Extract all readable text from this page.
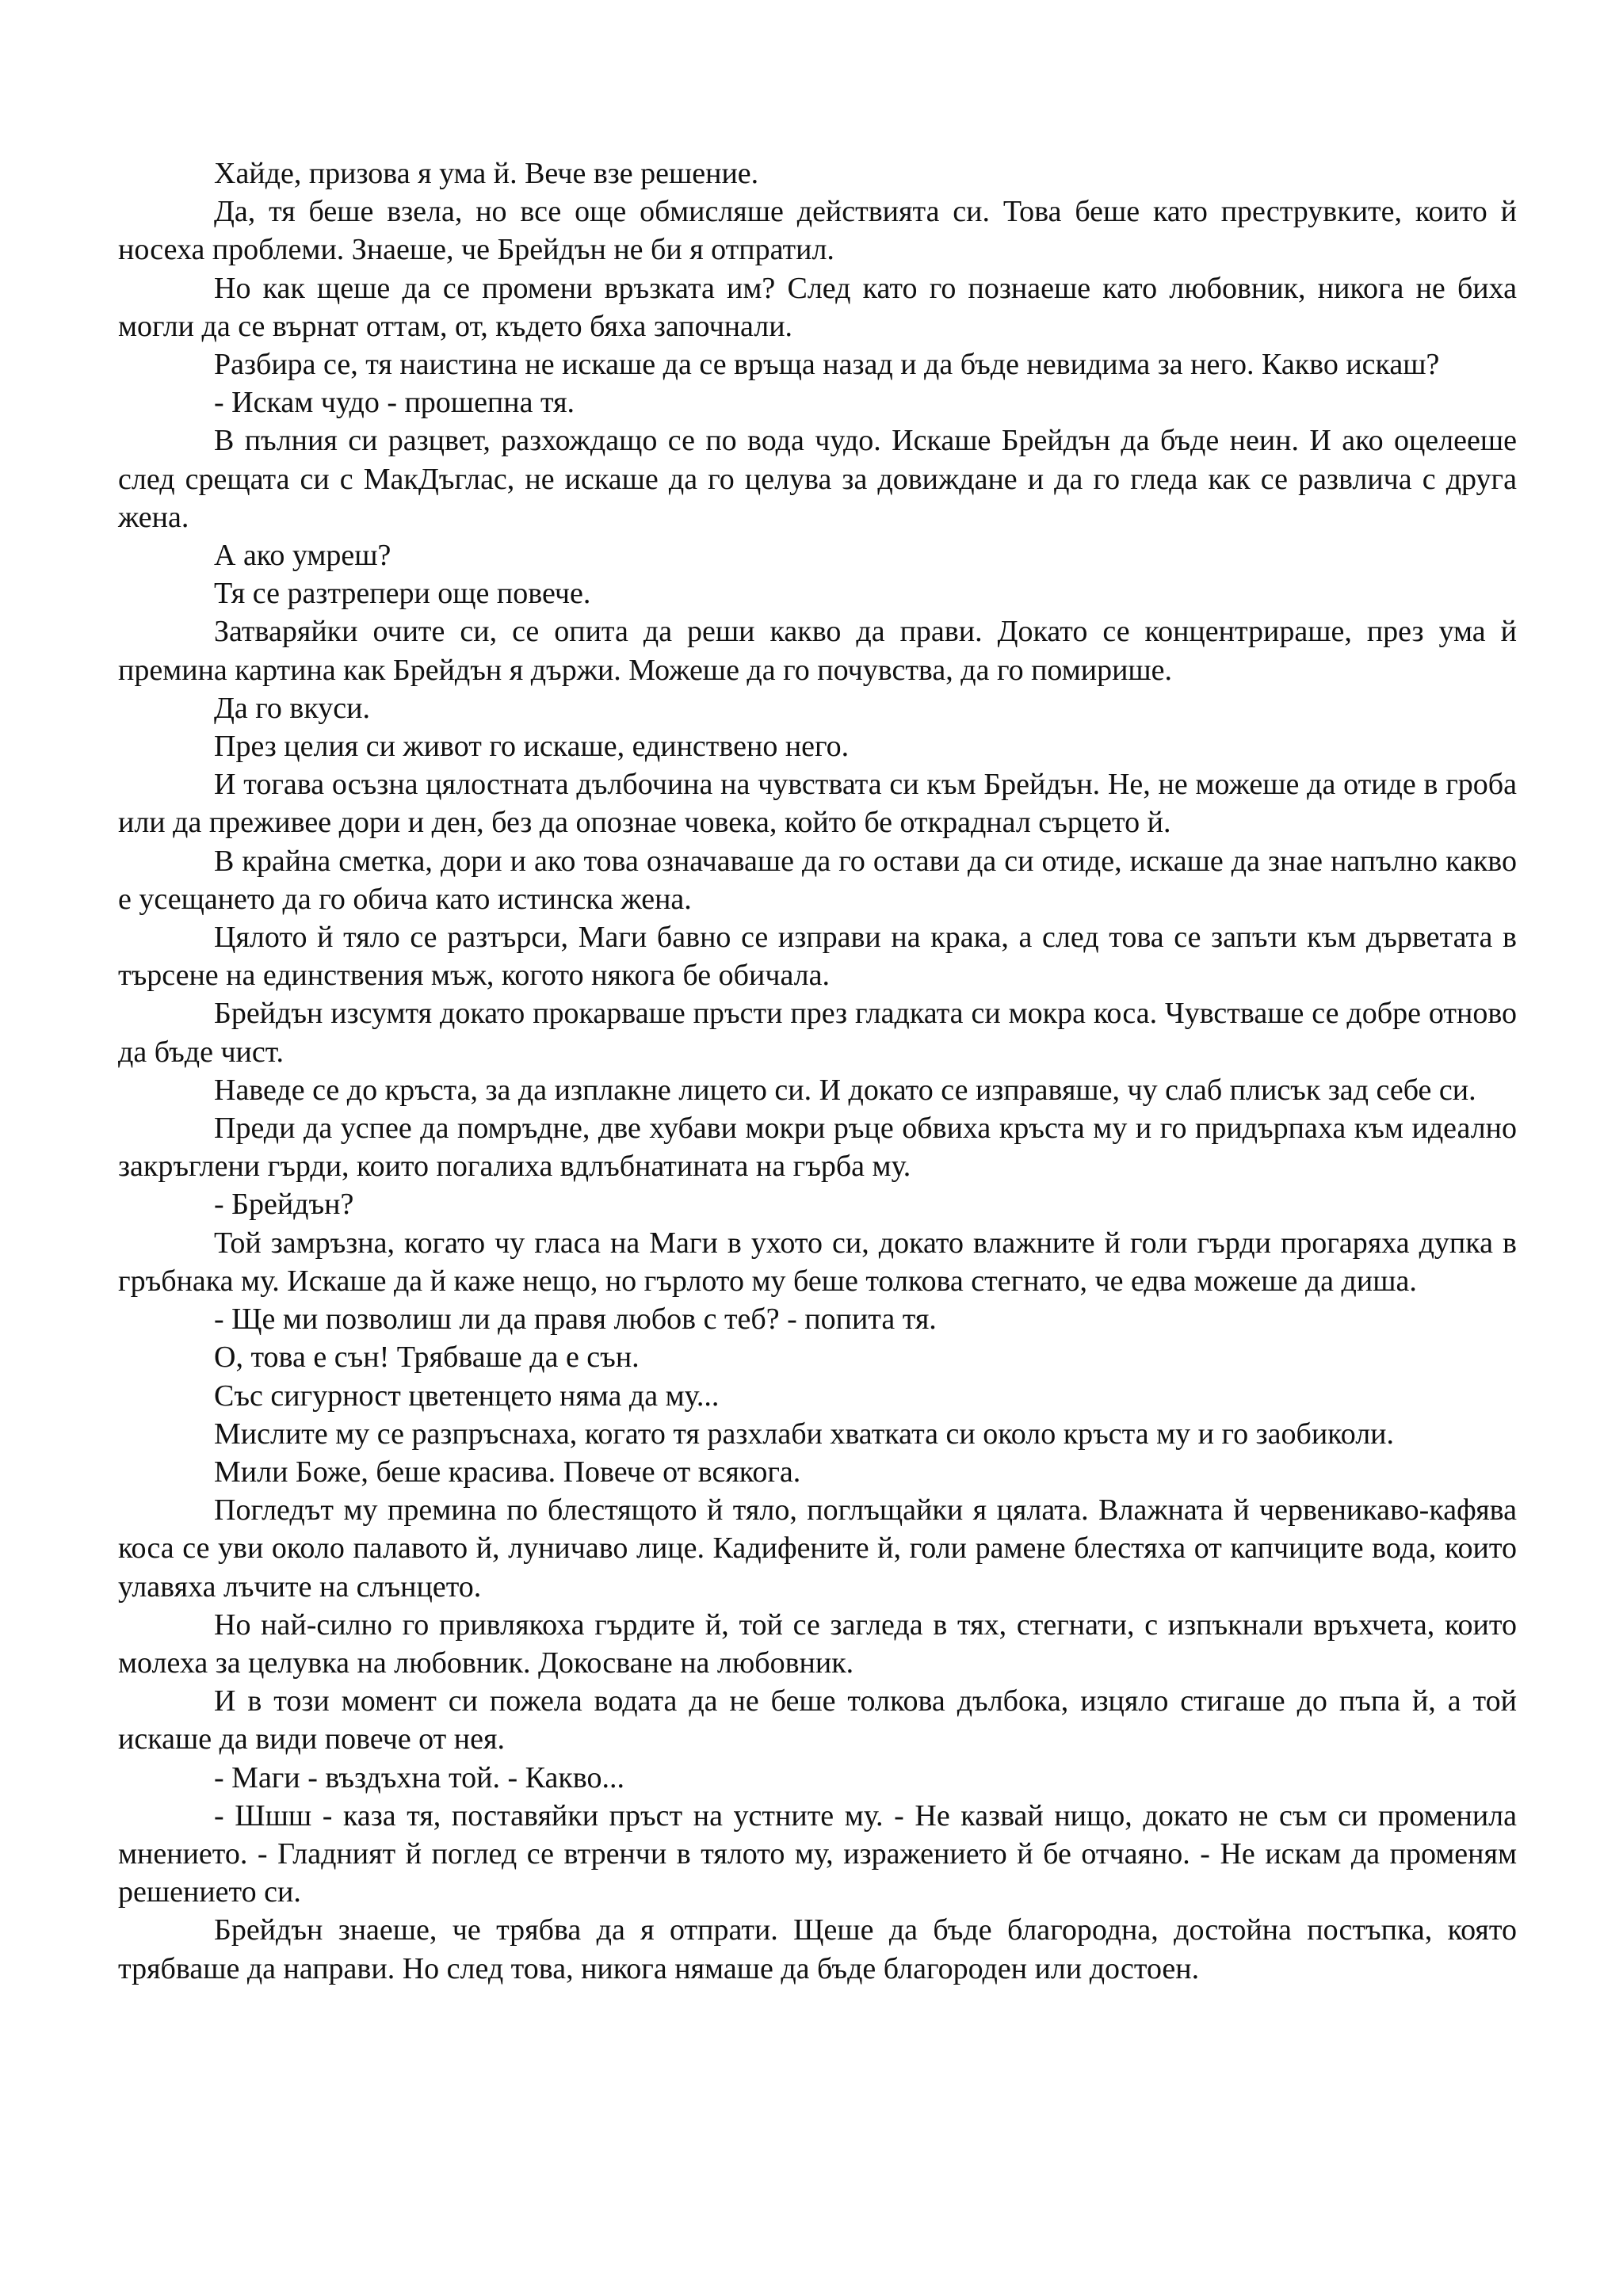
Хайде, призова я ума й. Вече взе решение.

Да, тя беше взела, но все още обмисляше действията си. Това беше като преструвките, които й носеха проблеми. Знаеше, че Брейдън не би я отпратил.

Но как щеше да се промени връзката им? След като го познаеше като любовник, никога не биха могли да се върнат оттам, от, където бяха започнали.

Разбира се, тя наистина не искаше да се връща назад и да бъде невидима за него. Какво искаш?

- Искам чудо - прошепна тя.

В пълния си разцвет, разхождащо се по вода чудо. Искаше Брейдън да бъде неин. И ако оцелееше след срещата си с МакДъглас, не искаше да го целува за довиждане и да го гледа как се развлича с друга жена.

А ако умреш?

Тя се разтрепери още повече.

Затваряйки очите си, се опита да реши какво да прави. Докато се концентрираше, през ума й премина картина как Брейдън я държи. Можеше да го почувства, да го помирише.

Да го вкуси.

През целия си живот го искаше, единствено него.

И тогава осъзна цялостната дълбочина на чувствата си към Брейдън. Не, не можеше да отиде в гроба или да преживее дори и ден, без да опознае човека, който бе откраднал сърцето й.

В крайна сметка, дори и ако това означаваше да го остави да си отиде, искаше да знае напълно какво е усещането да го обича като истинска жена.

Цялото й тяло се разтърси, Маги бавно се изправи на крака, а след това се запъти към дърветата в търсене на единствения мъж, когото някога бе обичала.

Брейдън изсумтя докато прокарваше пръсти през гладката си мокра коса. Чувстваше се добре отново да бъде чист.

Наведе се до кръста, за да изплакне лицето си. И докато се изправяше, чу слаб плисък зад себе си.

Преди да успее да помръдне, две хубави мокри ръце обвиха кръста му и го придърпаха към идеално закръглени гърди, които погалиха вдлъбнатината на гърба му.

- Брейдън?

Той замръзна, когато чу гласа на Маги в ухото си, докато влажните й голи гърди прогаряха дупка в гръбнака му. Искаше да й каже нещо, но гърлото му беше толкова стегнато, че едва можеше да диша.

- Ще ми позволиш ли да правя любов с теб? - попита тя.

О, това е сън! Трябваше да е сън.

Със сигурност цветенцето няма да му...

Мислите му се разпръснаха, когато тя разхлаби хватката си около кръста му и го заобиколи.

Мили Боже, беше красива. Повече от всякога.

Погледът му премина по блестящото й тяло, поглъщайки я цялата. Влажната й червеникаво-кафява коса се уви около палавото й, луничаво лице. Кадифените й, голи рамене блестяха от капчиците вода, които улавяха лъчите на слънцето.

Но най-силно го привлякоха гърдите й, той се загледа в тях, стегнати, с изпъкнали връхчета, които молеха за целувка на любовник. Докосване на любовник.

И в този момент си пожела водата да не беше толкова дълбока, изцяло стигаше до пъпа й, а той искаше да види повече от нея.

- Маги - въздъхна той. - Какво...

- Шшш - каза тя, поставяйки пръст на устните му. - Не казвай нищо, докато не съм си променила мнението. - Гладният й поглед се втренчи в тялото му, изражението й бе отчаяно. - Не искам да променям решението си.

Брейдън знаеше, че трябва да я отпрати. Щеше да бъде благородна, достойна постъпка, която трябваше да направи. Но след това, никога нямаше да бъде благороден или достоен.
